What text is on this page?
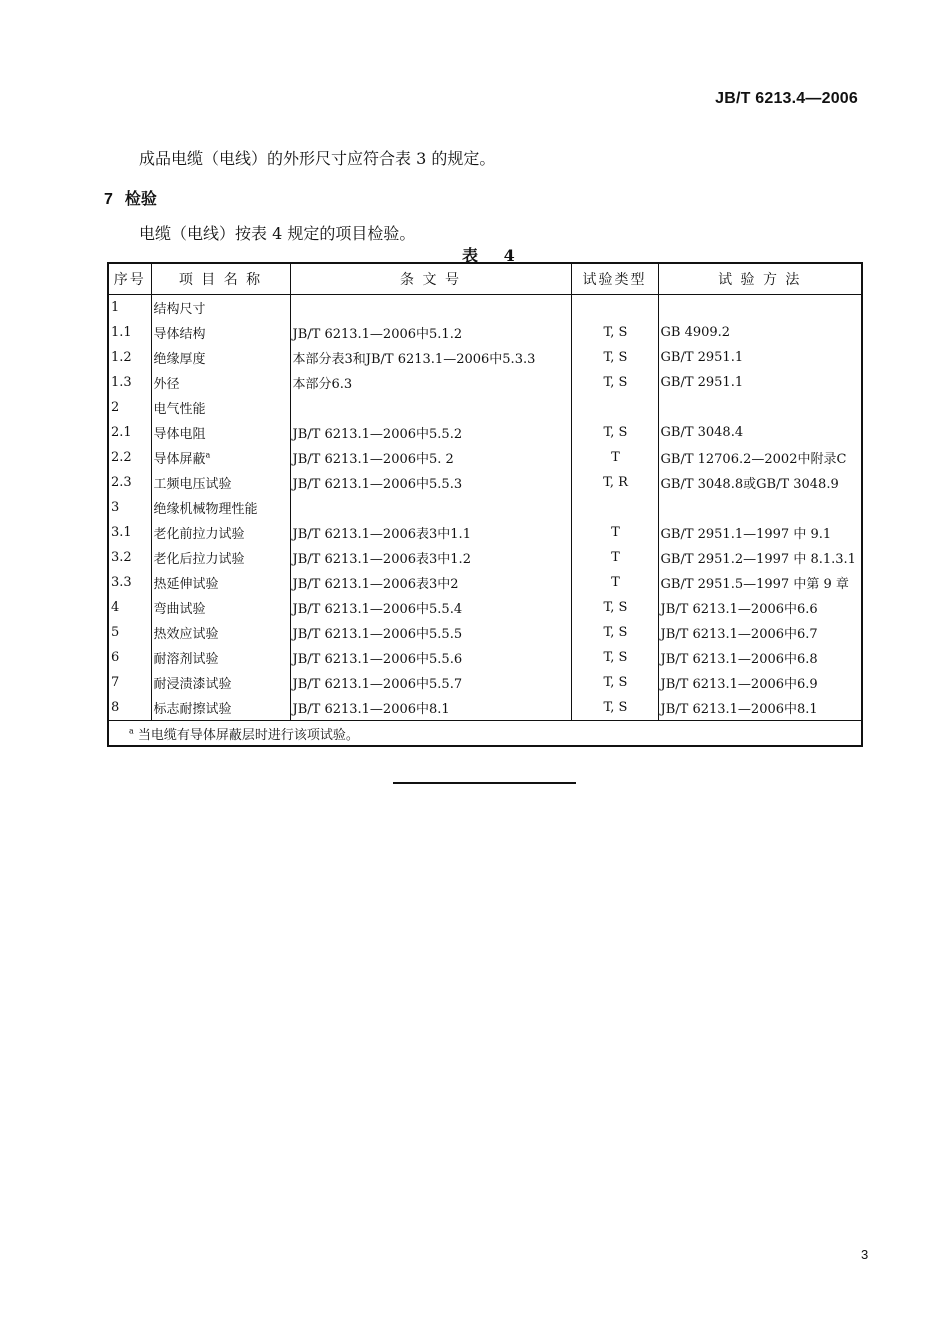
JB/T 6213.4—2006
成品电缆（电线）的外形尺寸应符合表 3 的规定。
7 检验
电缆（电线）按表 4 规定的项目检验。
表 4
序号	项 目 名 称	条 文 号	试验类型	试 验 方 法
1	结构尺寸			
1.1	导体结构	JB/T 6213.1—2006中5.1.2	T, S	GB 4909.2
1.2	绝缘厚度	本部分表3和JB/T 6213.1—2006中5.3.3	T, S	GB/T 2951.1
1.3	外径	本部分6.3	T, S	GB/T 2951.1
2	电气性能			
2.1	导体电阻	JB/T 6213.1—2006中5.5.2	T, S	GB/T 3048.4
2.2	导体屏蔽$^a$	JB/T 6213.1—2006中5. 2	T	GB/T 12706.2—2002中附录C
2.3	工频电压试验	JB/T 6213.1—2006中5.5.3	T, R	GB/T 3048.8或GB/T 3048.9
3	绝缘机械物理性能			
3.1	老化前拉力试验	JB/T 6213.1—2006表3中1.1	T	GB/T 2951.1—1997 中 9.1
3.2	老化后拉力试验	JB/T 6213.1—2006表3中1.2	T	GB/T 2951.2—1997 中 8.1.3.1
3.3	热延伸试验	JB/T 6213.1—2006表3中2	T	GB/T 2951.5—1997 中第 9 章
4	弯曲试验	JB/T 6213.1—2006中5.5.4	T, S	JB/T 6213.1—2006中6.6
5	热效应试验	JB/T 6213.1—2006中5.5.5	T, S	JB/T 6213.1—2006中6.7
6	耐溶剂试验	JB/T 6213.1—2006中5.5.6	T, S	JB/T 6213.1—2006中6.8
7	耐浸渍漆试验	JB/T 6213.1—2006中5.5.7	T, S	JB/T 6213.1—2006中6.9
8	标志耐擦试验	JB/T 6213.1—2006中8.1	T, S	JB/T 6213.1—2006中8.1
$^a$ 当电缆有导体屏蔽层时进行该项试验。				
3
